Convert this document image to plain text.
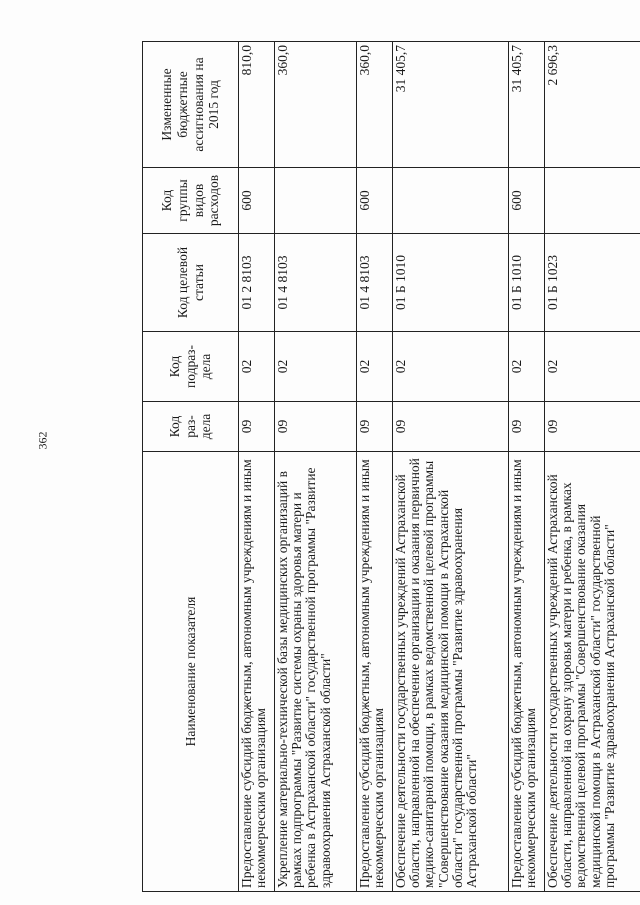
362
Наименование показателя	Код раз-дела	Код подраз-дела	Код целевой статьи	Код группы видов расходов	Измененные бюджетные ассигнования на 2015 год
Предоставление субсидий бюджетным, автономным учреждениям и иным некоммерческим организациям	09	02	01 2 8103	600	810,0
Укрепление материально-технической базы медицинских организаций в рамках подпрограммы "Развитие системы охраны здоровья матери и ребенка в Астраханской области" государственной программы "Развитие здравоохранения Астраханской области"	09	02	01 4 8103		360,0
Предоставление субсидий бюджетным, автономным учреждениям и иным некоммерческим организациям	09	02	01 4 8103	600	360,0
Обеспечение деятельности государственных учреждений Астраханской области, направленной на обеспечение организации и оказания первичной медико-санитарной помощи, в рамках ведомственной целевой программы "Совершенствование оказания медицинской помощи в Астраханской области" государственной программы "Развитие здравоохранения Астраханской области"	09	02	01 Б 1010		31 405,7
Предоставление субсидий бюджетным, автономным учреждениям и иным некоммерческим организациям	09	02	01 Б 1010	600	31 405,7
Обеспечение деятельности государственных учреждений Астраханской области, направленной на охрану здоровья матери и ребенка, в рамках ведомственной целевой программы "Совершенствование оказания медицинской помощи в Астраханской области" государственной программы "Развитие здравоохранения Астраханской области"	09	02	01 Б 1023		2 696,3
